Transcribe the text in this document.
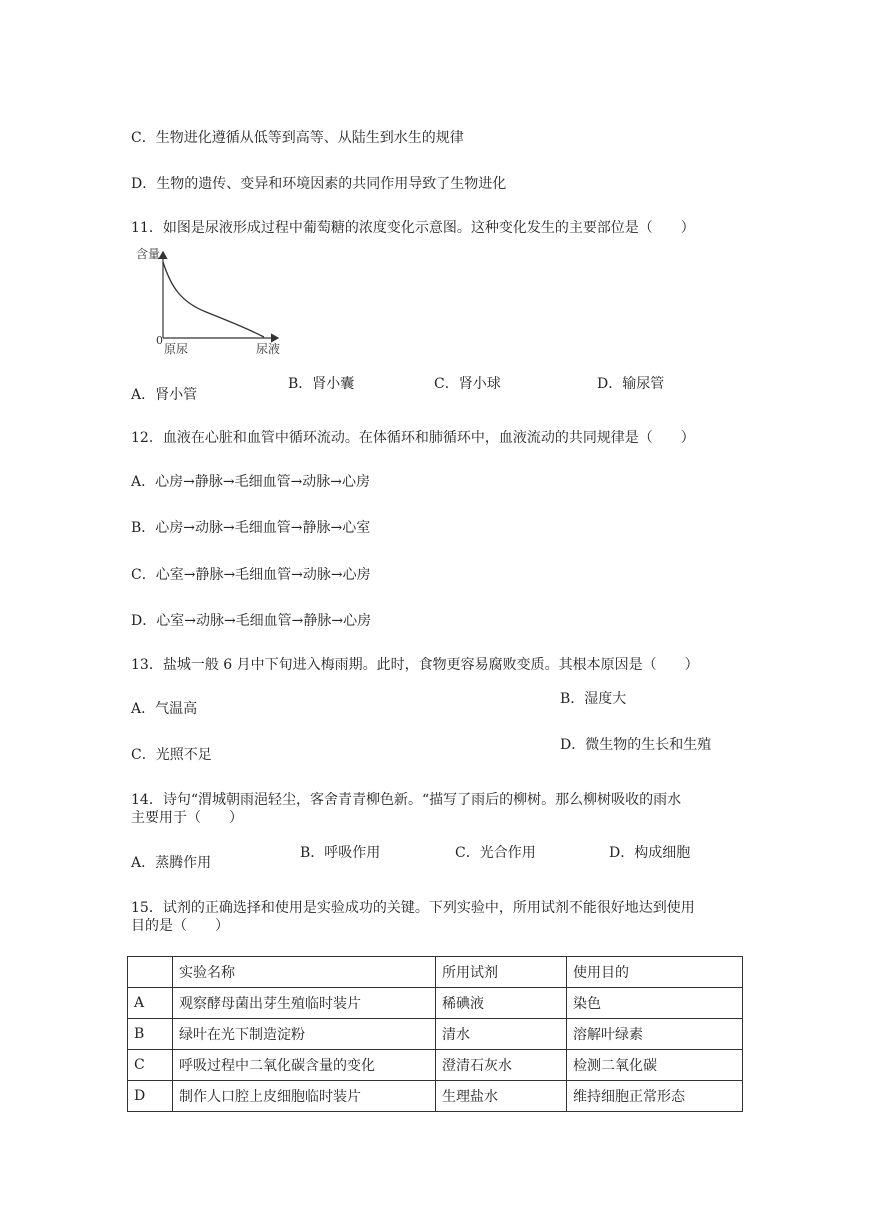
C．生物进化遵循从低等到高等、从陆生到水生的规律
D．生物的遗传、变异和环境因素的共同作用导致了生物进化
11．如图是尿液形成过程中葡萄糖的浓度变化示意图。这种变化发生的主要部位是（　　）
含量
0
原尿	尿液
A．肾小管
B．肾小囊	C．肾小球	D．输尿管
12．血液在心脏和血管中循环流动。在体循环和肺循环中，血液流动的共同规律是（　　）
A．心房→静脉→毛细血管→动脉→心房
B．心房→动脉→毛细血管→静脉→心室
C．心室→静脉→毛细血管→动脉→心房
D．心室→动脉→毛细血管→静脉→心房
13．盐城一般 6 月中下旬进入梅雨期。此时，食物更容易腐败变质。其根本原因是（　　）
A．气温高
B．湿度大
C．光照不足
D．微生物的生长和生殖
14．诗句“渭城朝雨浥轻尘，客舍青青柳色新。“描写了雨后的柳树。那么柳树吸收的雨水
主要用于（　　）
A．蒸腾作用
B．呼吸作用	C．光合作用	D．构成细胞
15．试剂的正确选择和使用是实验成功的关键。下列实验中，所用试剂不能很好地达到使用
目的是（　　）
	实验名称	所用试剂	使用目的
A	观察酵母菌出芽生殖临时装片	稀碘液	染色
B	绿叶在光下制造淀粉	清水	溶解叶绿素
C	呼吸过程中二氧化碳含量的变化	澄清石灰水	检测二氧化碳
D	制作人口腔上皮细胞临时装片	生理盐水	维持细胞正常形态
